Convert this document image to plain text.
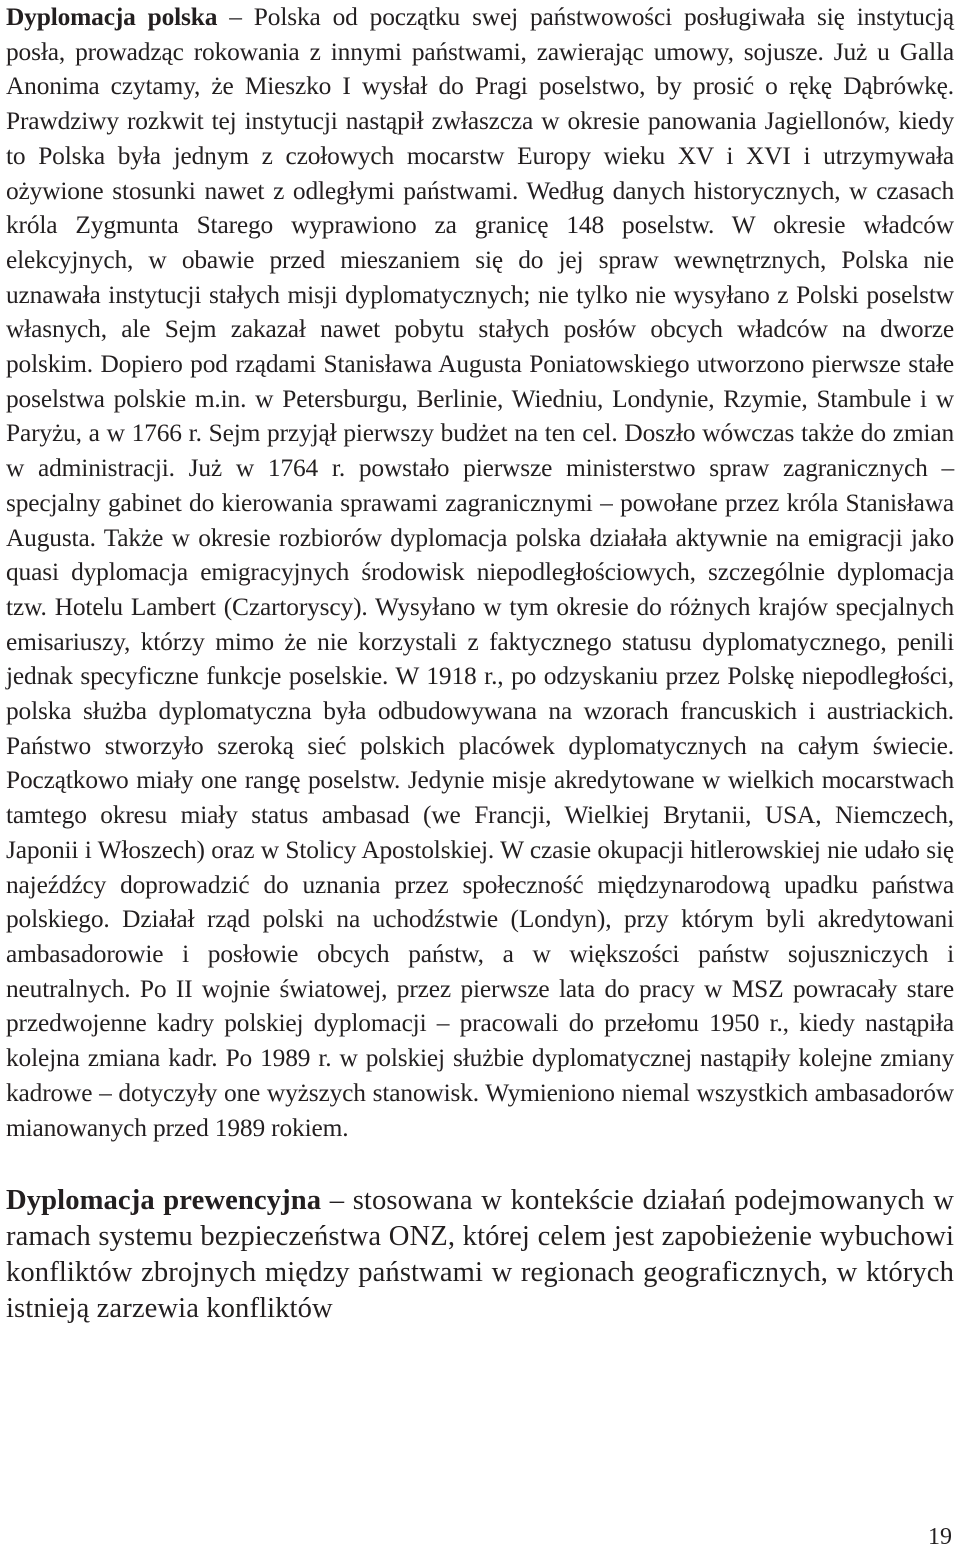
Dyplomacja polska – Polska od początku swej państwowości posługiwała się instytucją posła, prowadząc rokowania z innymi państwami, zawierając umowy, sojusze. Już u Galla Anonima czytamy, że Mieszko I wysłał do Pragi poselstwo, by prosić o rękę Dąbrówkę. Prawdziwy rozkwit tej instytucji nastąpił zwłaszcza w okresie panowania Jagiellonów, kiedy to Polska była jednym z czołowych mocarstw Europy wieku XV i XVI i utrzymywała ożywione stosunki nawet z odległymi państwami. Według danych historycznych, w czasach króla Zygmunta Starego wyprawiono za granicę 148 poselstw. W okresie władców elekcyjnych, w obawie przed mieszaniem się do jej spraw wewnętrznych, Polska nie uznawała instytucji stałych misji dyplomatycznych; nie tylko nie wysyłano z Polski poselstw własnych, ale Sejm zakazał nawet pobytu stałych posłów obcych władców na dworze polskim. Dopiero pod rządami Stanisława Augusta Poniatowskiego utworzono pierwsze stałe poselstwa polskie m.in. w Petersburgu, Berlinie, Wiedniu, Londynie, Rzymie, Stambule i w Paryżu, a w 1766 r. Sejm przyjął pierwszy budżet na ten cel. Doszło wówczas także do zmian w administracji. Już w 1764 r. powstało pierwsze ministerstwo spraw zagranicznych – specjalny gabinet do kierowania sprawami zagranicznymi – powołane przez króla Stanisława Augusta. Także w okresie rozbiorów dyplomacja polska działała aktywnie na emigracji jako quasi dyplomacja emigracyjnych środowisk niepodległościowych, szczególnie dyplomacja tzw. Hotelu Lambert (Czartoryscy). Wysyłano w tym okresie do różnych krajów specjalnych emisariuszy, którzy mimo że nie korzystali z faktycznego statusu dyplomatycznego, penili jednak specyficzne funkcje poselskie. W 1918 r., po odzyskaniu przez Polskę niepodległości, polska służba dyplomatyczna była odbudowywana na wzorach francuskich i austriackich. Państwo stworzyło szeroką sieć polskich placówek dyplomatycznych na całym świecie. Początkowo miały one rangę poselstw. Jedynie misje akredytowane w wielkich mocarstwach tamtego okresu miały status ambasad (we Francji, Wielkiej Brytanii, USA, Niemczech, Japonii i Włoszech) oraz w Stolicy Apostolskiej. W czasie okupacji hitlerowskiej nie udało się najeźdźcy doprowadzić do uznania przez społeczność międzynarodową upadku państwa polskiego. Działał rząd polski na uchodźstwie (Londyn), przy którym byli akredytowani ambasadorowie i posłowie obcych państw, a w większości państw sojuszniczych i neutralnych. Po II wojnie światowej, przez pierwsze lata do pracy w MSZ powracały stare przedwojenne kadry polskiej dyplomacji – pracowali do przełomu 1950 r., kiedy nastąpiła kolejna zmiana kadr. Po 1989 r. w polskiej służbie dyplomatycznej nastąpiły kolejne zmiany kadrowe – dotyczyły one wyższych stanowisk. Wymieniono niemal wszystkich ambasadorów mianowanych przed 1989 rokiem.

Dyplomacja prewencyjna – stosowana w kontekście działań podejmowanych w ramach systemu bezpieczeństwa ONZ, której celem jest zapobieżenie wybuchowi konfliktów zbrojnych między państwami w regionach geograficznych, w których istnieją zarzewia konfliktów

19
